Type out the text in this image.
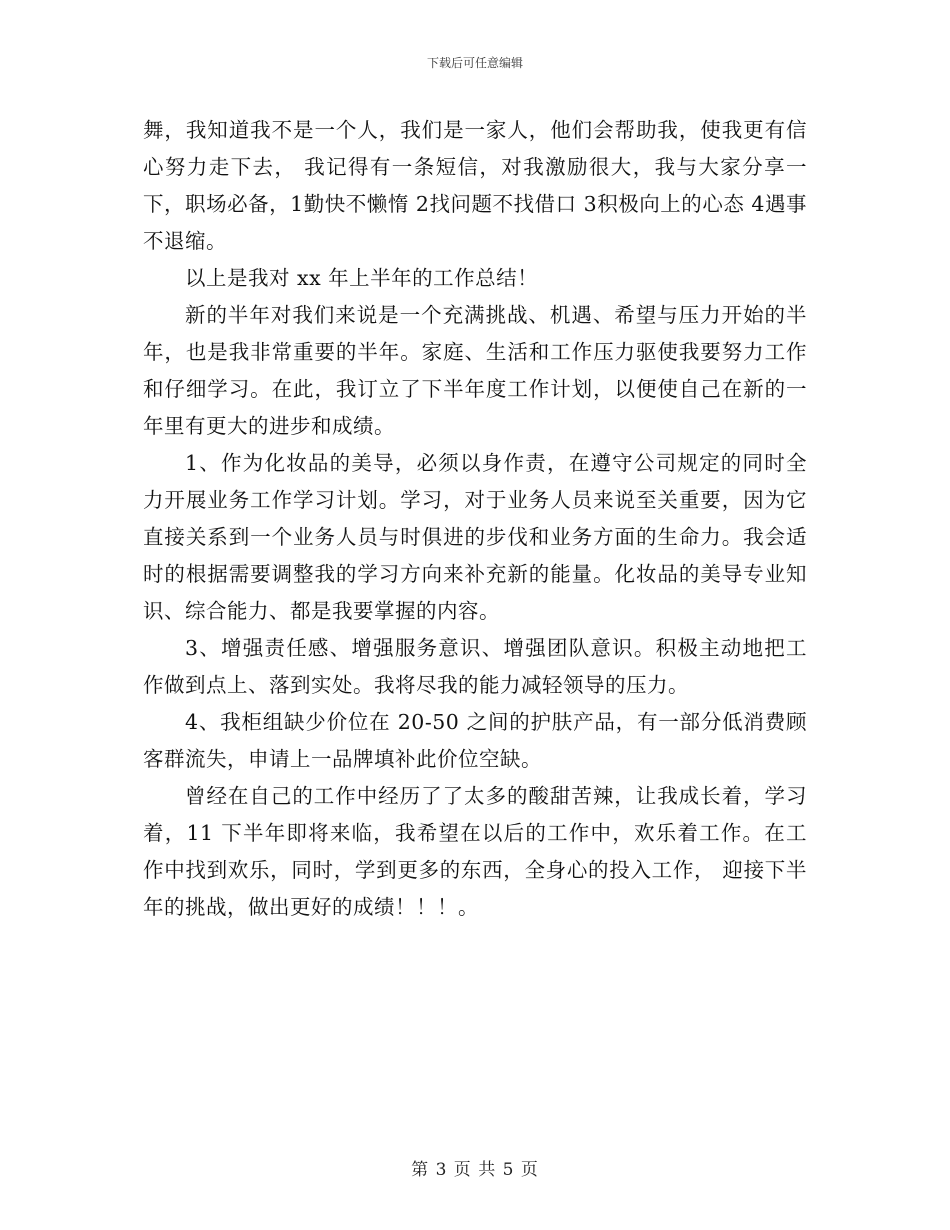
下载后可任意编辑

舞，我知道我不是一个人，我们是一家人，他们会帮助我，使我更有信心努力走下去， 我记得有一条短信，对我激励很大，我与大家分享一下，职场必备，1勤快不懒惰 2找问题不找借口 3积极向上的心态 4遇事不退缩。

以上是我对 xx 年上半年的工作总结！

新的半年对我们来说是一个充满挑战、机遇、希望与压力开始的半年，也是我非常重要的半年。家庭、生活和工作压力驱使我要努力工作和仔细学习。在此，我订立了下半年度工作计划，以便使自己在新的一年里有更大的进步和成绩。

1、作为化妆品的美导，必须以身作责，在遵守公司规定的同时全力开展业务工作学习计划。学习，对于业务人员来说至关重要，因为它直接关系到一个业务人员与时俱进的步伐和业务方面的生命力。我会适时的根据需要调整我的学习方向来补充新的能量。化妆品的美导专业知识、综合能力、都是我要掌握的内容。

3、增强责任感、增强服务意识、增强团队意识。积极主动地把工作做到点上、落到实处。我将尽我的能力减轻领导的压力。

4、我柜组缺少价位在 20-50 之间的护肤产品，有一部分低消费顾客群流失，申请上一品牌填补此价位空缺。

曾经在自己的工作中经历了了太多的酸甜苦辣，让我成长着，学习着，11 下半年即将来临，我希望在以后的工作中，欢乐着工作。在工作中找到欢乐，同时，学到更多的东西，全身心的投入工作， 迎接下半年的挑战，做出更好的成绩！！！。

第 3 页 共 5 页
